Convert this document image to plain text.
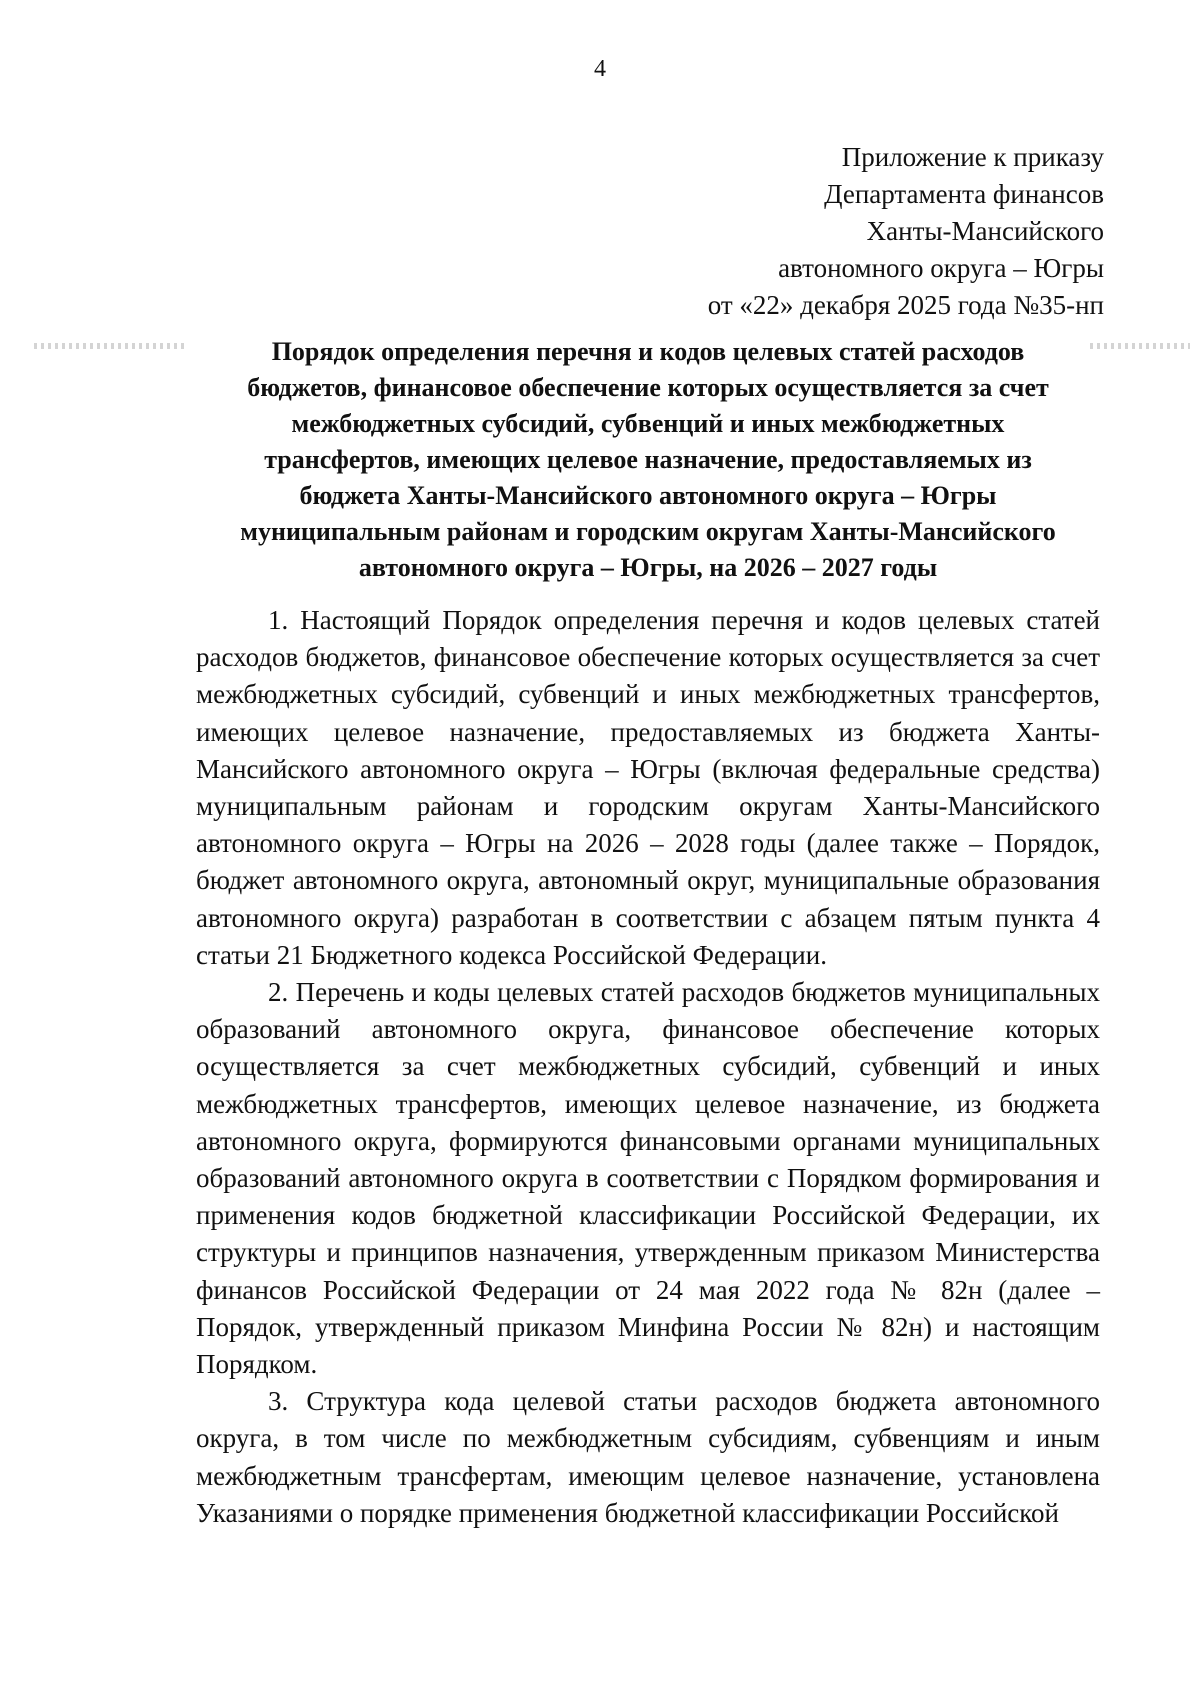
4
Приложение к приказу
Департамента финансов
Ханты-Мансийского
автономного округа – Югры
от «22» декабря 2025 года №35-нп
Порядок определения перечня и кодов целевых статей расходов
бюджетов, финансовое обеспечение которых осуществляется за счет
межбюджетных субсидий, субвенций и иных межбюджетных
трансфертов, имеющих целевое назначение, предоставляемых из
бюджета Ханты-Мансийского автономного округа – Югры
муниципальным районам и городским округам Ханты-Мансийского
автономного округа – Югры, на 2026 – 2027 годы

1. Настоящий Порядок определения перечня и кодов целевых статей расходов бюджетов, финансовое обеспечение которых осуществляется за счет межбюджетных субсидий, субвенций и иных межбюджетных трансфертов, имеющих целевое назначение, предоставляемых из бюджета Ханты-Мансийского автономного округа – Югры (включая федеральные средства) муниципальным районам и городским округам Ханты-Мансийского автономного округа – Югры на 2026 – 2028 годы (далее также – Порядок, бюджет автономного округа, автономный округ, муниципальные образования автономного округа) разработан в соответствии с абзацем пятым пункта 4 статьи 21 Бюджетного кодекса Российской Федерации.

2. Перечень и коды целевых статей расходов бюджетов муниципальных образований автономного округа, финансовое обеспечение которых осуществляется за счет межбюджетных субсидий, субвенций и иных межбюджетных трансфертов, имеющих целевое назначение, из бюджета автономного округа, формируются финансовыми органами муниципальных образований автономного округа в соответствии с Порядком формирования и применения кодов бюджетной классификации Российской Федерации, их структуры и принципов назначения, утвержденным приказом Министерства финансов Российской Федерации от 24 мая 2022 года № 82н (далее – Порядок, утвержденный приказом Минфина России № 82н) и настоящим Порядком.

3. Структура кода целевой статьи расходов бюджета автономного округа, в том числе по межбюджетным субсидиям, субвенциям и иным межбюджетным трансфертам, имеющим целевое назначение, установлена Указаниями о порядке применения бюджетной классификации Российской
